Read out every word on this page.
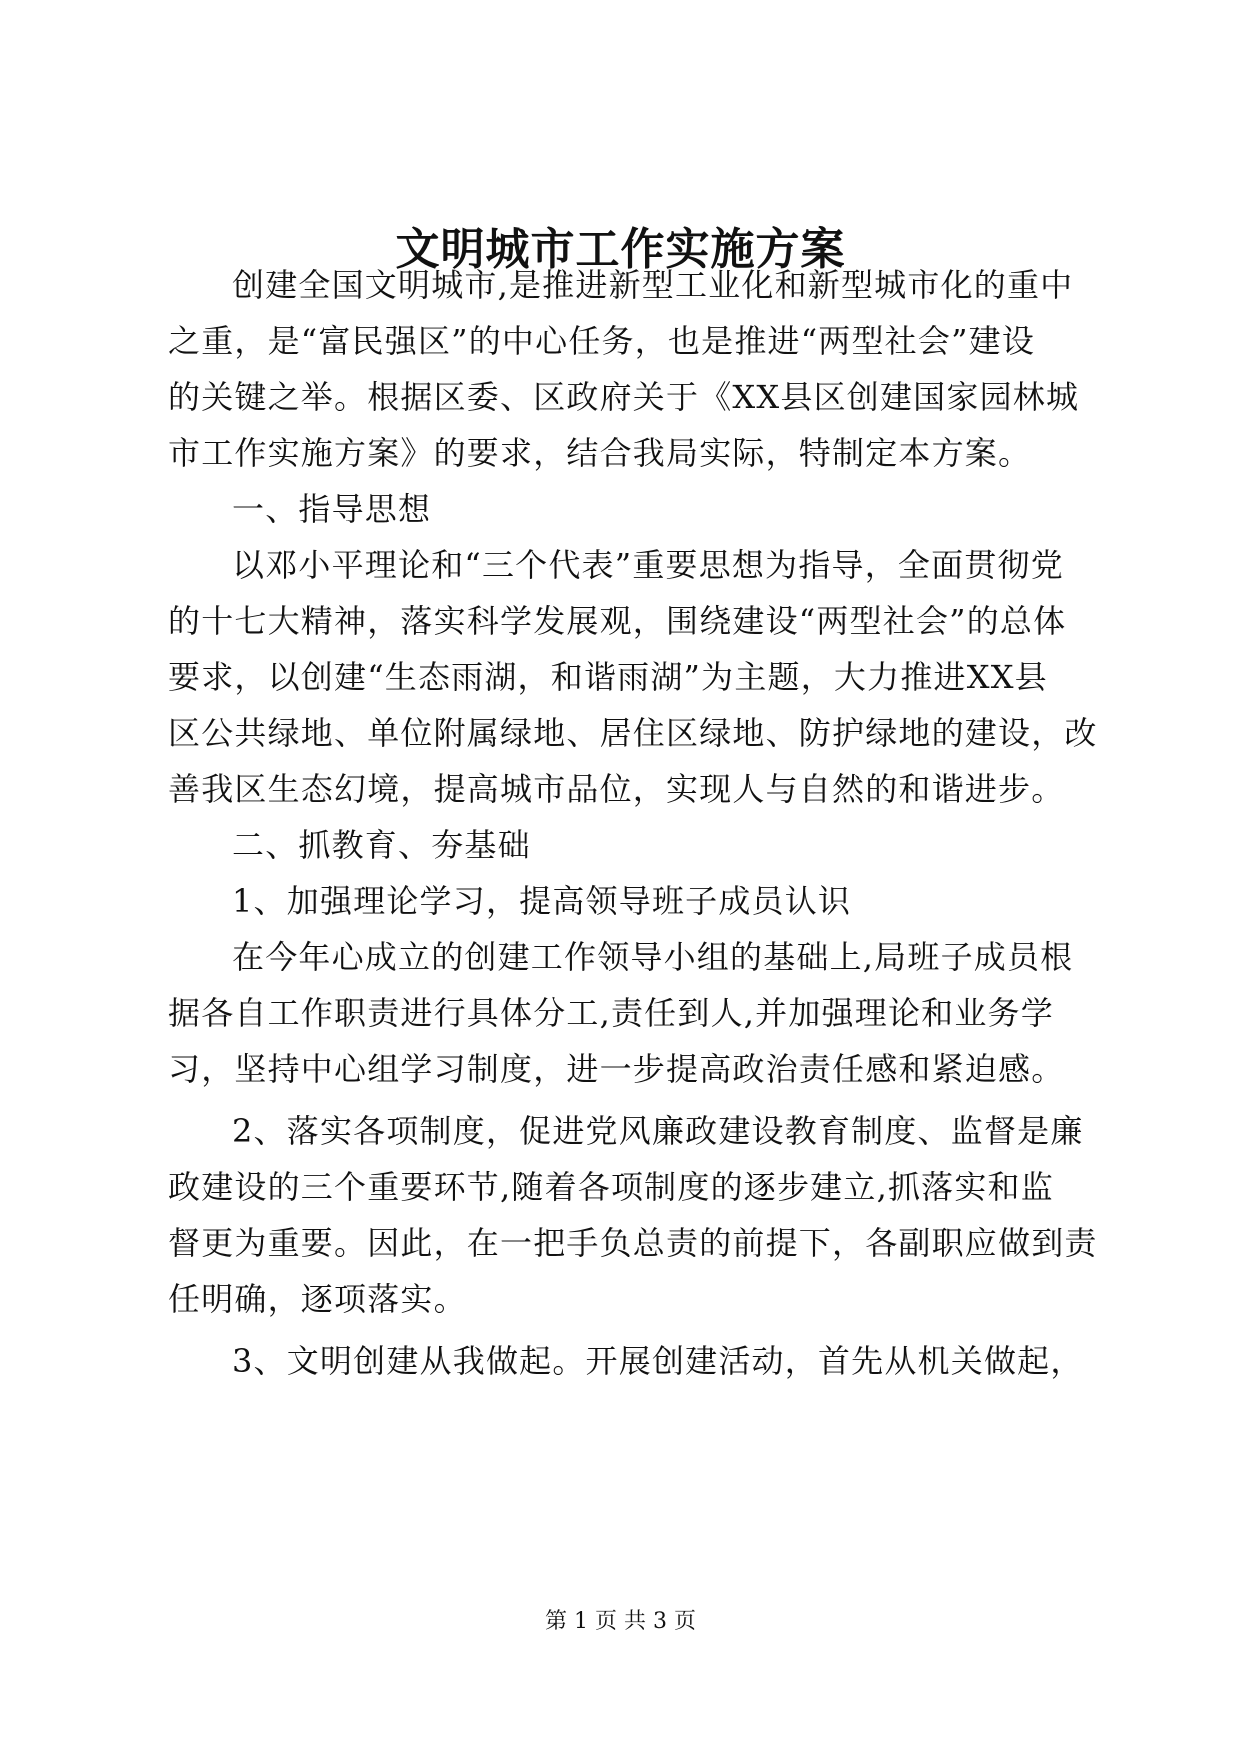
文明城市工作实施方案
创建全国文明城市,是推进新型工业化和新型城市化的重中
之重，是“富民强区”的中心任务，也是推进“两型社会”建设
的关键之举。根据区委、区政府关于《XX县区创建国家园林城
市工作实施方案》的要求，结合我局实际，特制定本方案。
一、指导思想
以邓小平理论和“三个代表”重要思想为指导，全面贯彻党
的十七大精神，落实科学发展观，围绕建设“两型社会”的总体
要求，以创建“生态雨湖，和谐雨湖”为主题，大力推进XX县
区公共绿地、单位附属绿地、居住区绿地、防护绿地的建设，改
善我区生态幻境，提高城市品位，实现人与自然的和谐进步。
二、抓教育、夯基础
1、加强理论学习，提高领导班子成员认识
在今年心成立的创建工作领导小组的基础上,局班子成员根
据各自工作职责进行具体分工,责任到人,并加强理论和业务学
习，坚持中心组学习制度，进一步提高政治责任感和紧迫感。
2、落实各项制度，促进党风廉政建设教育制度、监督是廉
政建设的三个重要环节,随着各项制度的逐步建立,抓落实和监
督更为重要。因此，在一把手负总责的前提下，各副职应做到责
任明确，逐项落实。
3、文明创建从我做起。开展创建活动，首先从机关做起，
第 1 页 共 3 页
